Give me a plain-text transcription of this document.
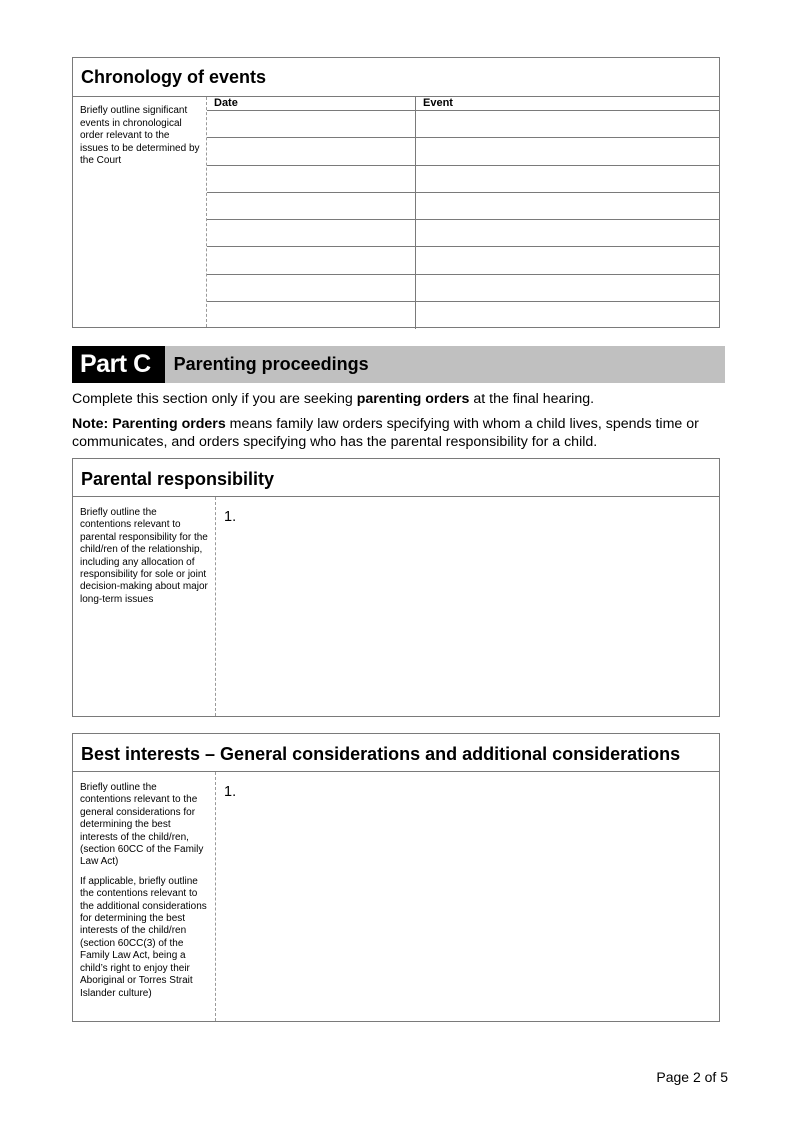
Chronology of events
Briefly outline significant events in chronological order relevant to the issues to be determined by the Court
Date	Event
Part C	Parenting proceedings
Complete this section only if you are seeking parenting orders at the final hearing.
Note: Parenting orders means family law orders specifying with whom a child lives, spends time or communicates, and orders specifying who has the parental responsibility for a child.
Parental responsibility

Briefly outline the contentions relevant to parental responsibility for the child/ren of the relationship, including any allocation of responsibility for sole or joint decision-making about major long-term issues

1.
Best interests – General considerations and additional considerations

Briefly outline the contentions relevant to the general considerations for determining the best interests of the child/ren, (section 60CC of the Family Law Act)

If applicable, briefly outline the contentions relevant to the additional considerations for determining the best interests of the child/ren (section 60CC(3) of the Family Law Act, being a child’s right to enjoy their Aboriginal or Torres Strait Islander culture)

1.
Page 2 of 5
